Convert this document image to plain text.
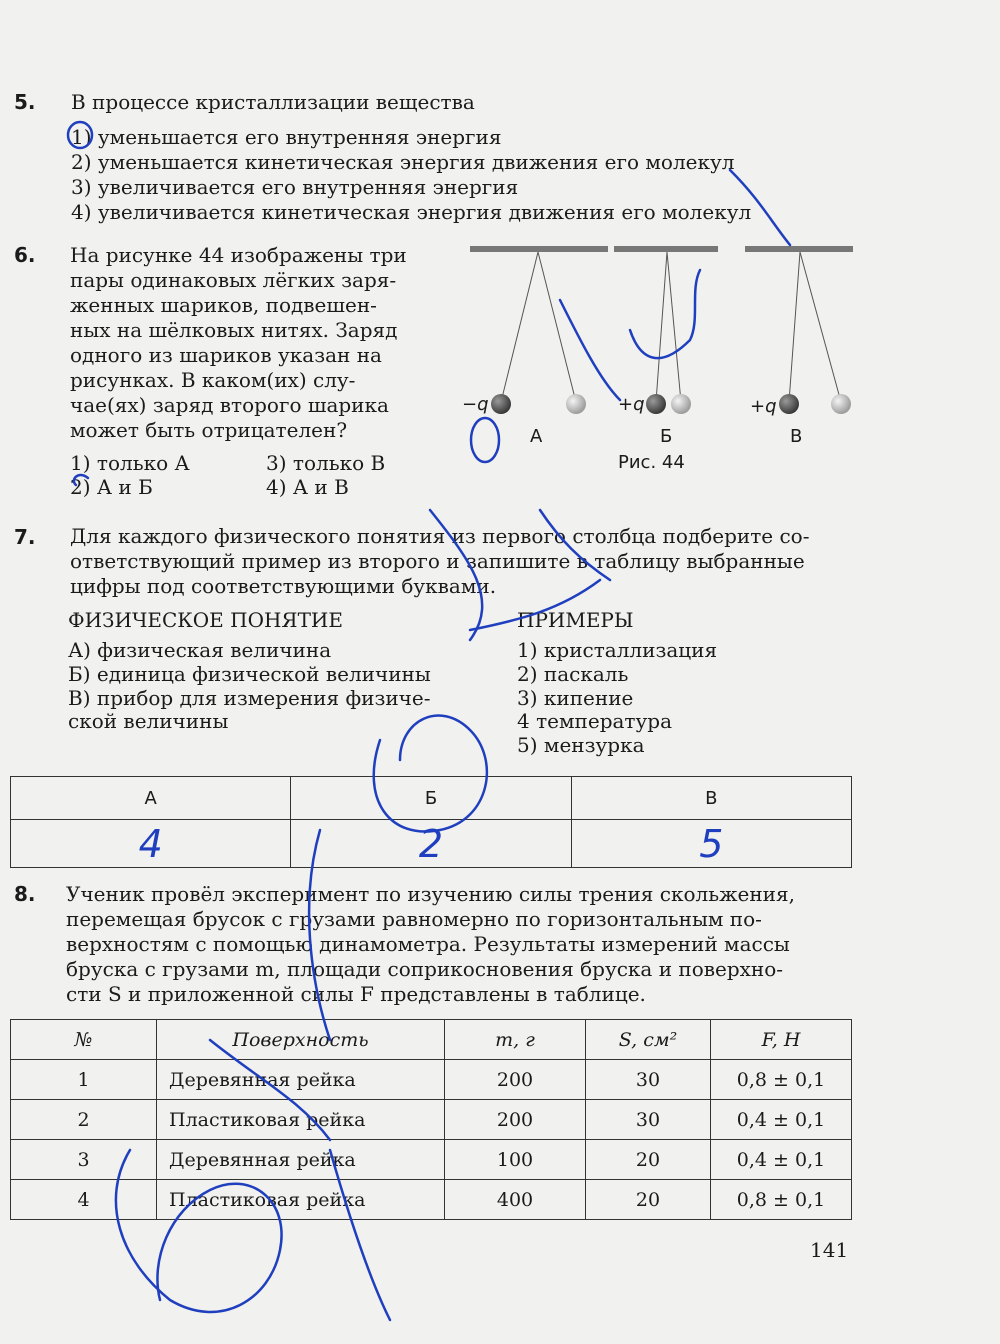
5. В процессе кристаллизации вещества
1) уменьшается его внутренняя энергия
2) уменьшается кинетическая энергия движения его молекул
3) увеличивается его внутренняя энергия
4) увеличивается кинетическая энергия движения его молекул
6. На рисунке 44 изображены три
пары одинаковых лёгких заря-
женных шариков, подвешен-
ных на шёлковых нитях. Заряд
одного из шариков указан на
рисунках. В каком(их) слу-
чае(ях) заряд второго шарика
может быть отрицателен?
1) только А
2) А и Б
3) только В
4) А и В
−q	+q	+q
А	Б	В
Рис. 44
7. Для каждого физического понятия из первого столбца подберите со-
ответствующий пример из второго и запишите в таблицу выбранные
цифры под соответствующими буквами.
ФИЗИЧЕСКОЕ ПОНЯТИЕ	ПРИМЕРЫ
А) физическая величина
Б) единица физической величины
В) прибор для измерения физиче-
ской величины
1) кристаллизация
2) паскаль
3) кипение
4 температура
5) мензурка
А	Б	В
4	2	5
8. Ученик провёл эксперимент по изучению силы трения скольжения,
перемещая брусок с грузами равномерно по горизонтальным по-
верхностям с помощью динамометра. Результаты измерений массы
бруска с грузами m, площади соприкосновения бруска и поверхно-
сти S и приложенной силы F представлены в таблице.
№	Поверхность	m, г	S, см²	F, Н
1	Деревянная рейка	200	30	0,8 ± 0,1
2	Пластиковая рейка	200	30	0,4 ± 0,1
3	Деревянная рейка	100	20	0,4 ± 0,1
4	Пластиковая рейка	400	20	0,8 ± 0,1
141
